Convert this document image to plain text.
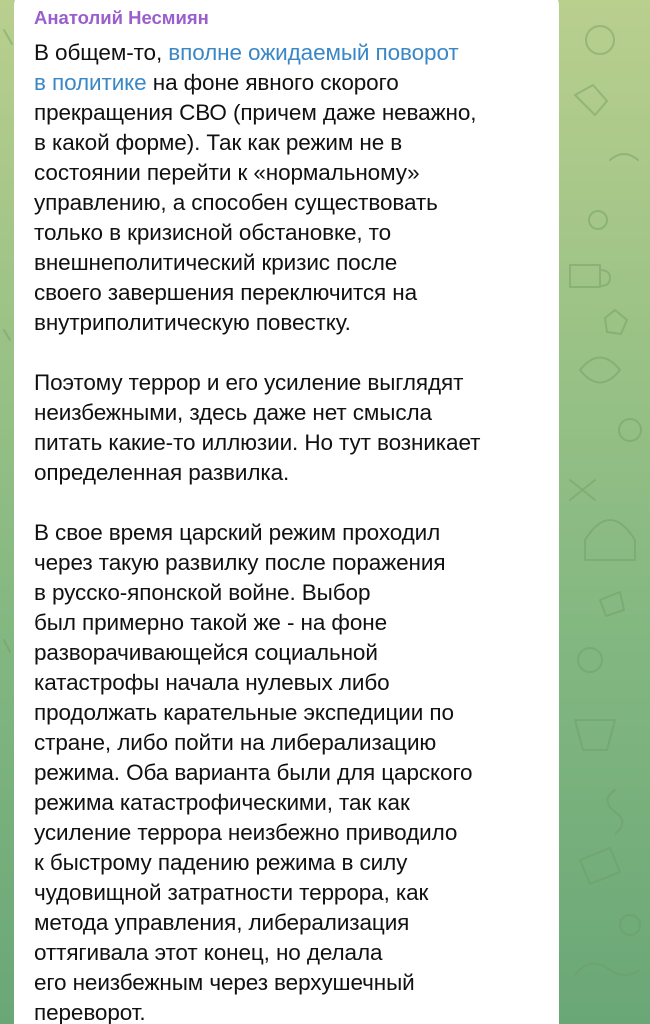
Анатолий Несмиян
В общем-то, вполне ожидаемый поворот
в политике на фоне явного скорого
прекращения СВО (причем даже неважно,
в какой форме). Так как режим не в
состоянии перейти к «нормальному»
управлению, а способен существовать
только в кризисной обстановке, то
внешнеполитический кризис после
своего завершения переключится на
внутриполитическую повестку.
Поэтому террор и его усиление выглядят
неизбежными, здесь даже нет смысла
питать какие-то иллюзии. Но тут возникает
определенная развилка.
В свое время царский режим проходил
через такую развилку после поражения
в русско-японской войне. Выбор
был примерно такой же - на фоне
разворачивающейся социальной
катастрофы начала нулевых либо
продолжать карательные экспедиции по
стране, либо пойти на либерализацию
режима. Оба варианта были для царского
режима катастрофическими, так как
усиление террора неизбежно приводило
к быстрому падению режима в силу
чудовищной затратности террора, как
метода управления, либерализация
оттягивала этот конец, но делала
его неизбежным через верхушечный
переворот.
